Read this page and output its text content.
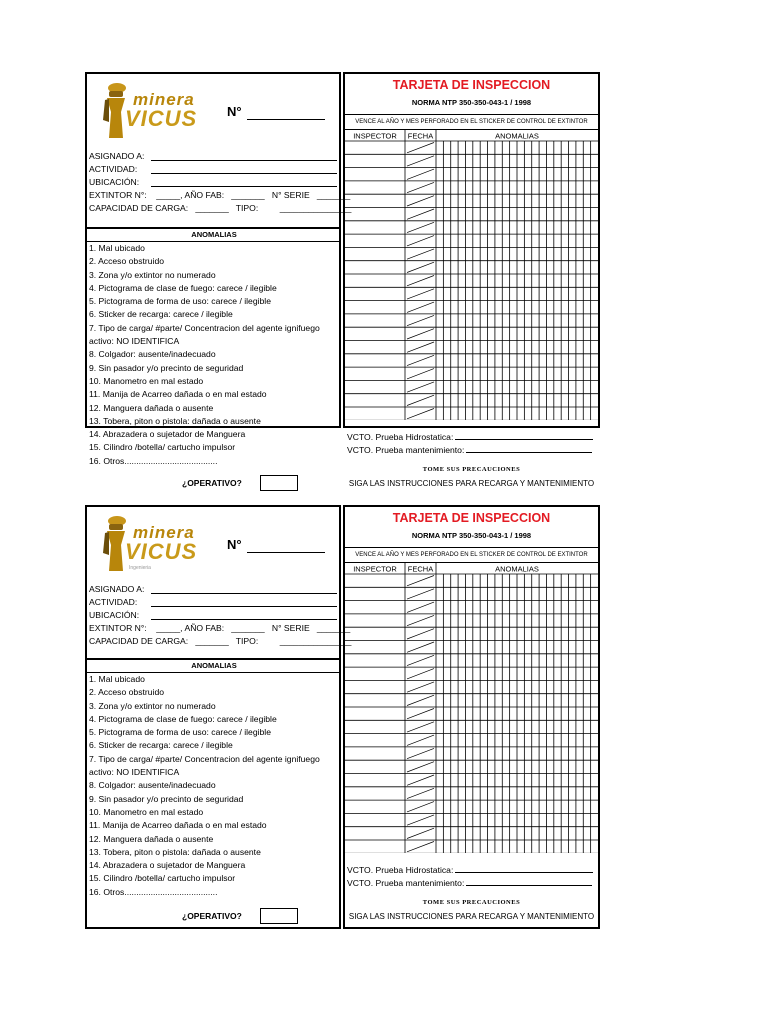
minera
VICUS N°
ASIGNADO A:
ACTIVIDAD:
UBICACIÓN:
EXTINTOR N°:    _____, AÑO FAB:   _______   N° SERIE   _______
CAPACIDAD DE CARGA:   _______   TIPO:         _______________
ANOMALIAS
1. Mal ubicado
2. Acceso obstruido
3. Zona y/o extintor no numerado
4. Pictograma de clase de fuego: carece / ilegible
5. Pictograma de forma de uso: carece / ilegible
6. Sticker de recarga: carece / ilegible
7. Tipo de carga/ #parte/ Concentracion del agente ignifuego
activo: NO IDENTIFICA
8. Colgador: ausente/inadecuado
9. Sin pasador y/o precinto de seguridad
10. Manometro en mal estado
11. Manija de Acarreo dañada o en mal estado
12. Manguera dañada o ausente
13. Tobera, piton o pistola: dañada o ausente
14. Abrazadera o sujetador de Manguera
15. Cilindro /botella/ cartucho impulsor
16. Otros.......................................
¿OPERATIVO?
TARJETA DE INSPECCION
NORMA NTP 350-350-043-1 / 1998
VENCE AL AÑO Y MES PERFORADO EN EL STICKER DE CONTROL DE EXTINTOR
INSPECTOR FECHA	ANOMALIAS
VCTO. Prueba Hidrostatica:
VCTO. Prueba mantenimiento:
TOME SUS PRECAUCIONES
SIGA LAS INSTRUCCIONES PARA RECARGA Y MANTENIMIENTO
minera
VICUS
Ingenieria
N°
ASIGNADO A:
ACTIVIDAD:
UBICACIÓN:
EXTINTOR N°:    _____, AÑO FAB:   _______   N° SERIE   _______
CAPACIDAD DE CARGA:   _______   TIPO:         _______________
ANOMALIAS
1. Mal ubicado
2. Acceso obstruido
3. Zona y/o extintor no numerado
4. Pictograma de clase de fuego: carece / ilegible
5. Pictograma de forma de uso: carece / ilegible
6. Sticker de recarga: carece / ilegible
7. Tipo de carga/ #parte/ Concentracion del agente ignifuego
activo: NO IDENTIFICA
8. Colgador: ausente/inadecuado
9. Sin pasador y/o precinto de seguridad
10. Manometro en mal estado
11. Manija de Acarreo dañada o en mal estado
12. Manguera dañada o ausente
13. Tobera, piton o pistola: dañada o ausente
14. Abrazadera o sujetador de Manguera
15. Cilindro /botella/ cartucho impulsor
16. Otros.......................................
¿OPERATIVO?
TARJETA DE INSPECCION
NORMA NTP 350-350-043-1 / 1998
VENCE AL AÑO Y MES PERFORADO EN EL STICKER DE CONTROL DE EXTINTOR
INSPECTOR FECHA	ANOMALIAS
VCTO. Prueba Hidrostatica:
VCTO. Prueba mantenimiento:
TOME SUS PRECAUCIONES
SIGA LAS INSTRUCCIONES PARA RECARGA Y MANTENIMIENTO
